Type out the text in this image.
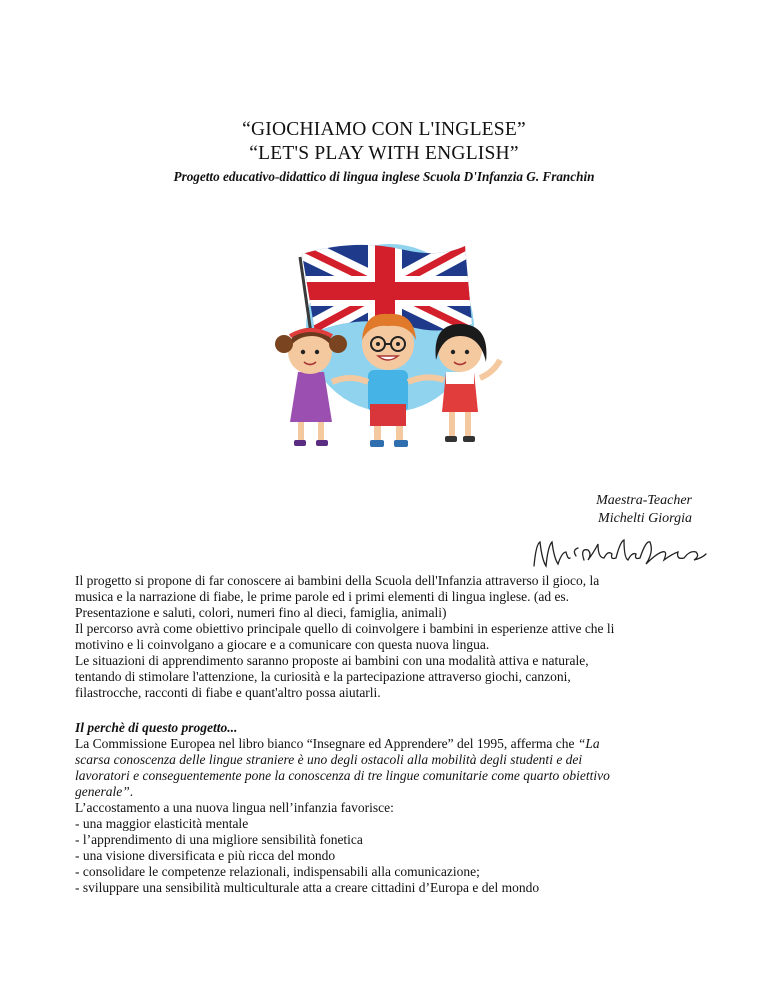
“GIOCHIAMO CON L'INGLESE”
“LET'S PLAY WITH ENGLISH”
Progetto educativo-didattico di lingua inglese Scuola D'Infanzia G. Franchin
Maestra-Teacher
Michelti Giorgia

Il progetto si propone di far conoscere ai bambini della Scuola dell'Infanzia attraverso il gioco, la

musica e la narrazione di fiabe, le prime parole ed i primi elementi di lingua inglese. (ad es.

Presentazione e saluti, colori, numeri fino al dieci, famiglia, animali)

Il percorso avrà come obiettivo principale quello di coinvolgere i bambini in esperienze attive che li

motivino e li coinvolgano a giocare e a comunicare con questa nuova lingua.

Le situazioni di apprendimento saranno proposte ai bambini con una modalità attiva e naturale,

tentando di stimolare l'attenzione, la curiosità e la partecipazione attraverso giochi, canzoni,

filastrocche, racconti di fiabe e quant'altro possa aiutarli.

Il perchè di questo progetto...

La Commissione Europea nel libro bianco “Insegnare ed Apprendere” del 1995, afferma che “La

scarsa conoscenza delle lingue straniere è uno degli ostacoli alla mobilità degli studenti e dei

lavoratori e conseguentemente pone la conoscenza di tre lingue comunitarie come quarto obiettivo

generale”.

L’accostamento a una nuova lingua nell’infanzia favorisce:

- una maggior elasticità mentale

- l’apprendimento di una migliore sensibilità fonetica

- una visione diversificata e più ricca del mondo

- consolidare le competenze relazionali, indispensabili alla comunicazione;

- sviluppare una sensibilità multiculturale atta a creare cittadini d’Europa e del mondo
